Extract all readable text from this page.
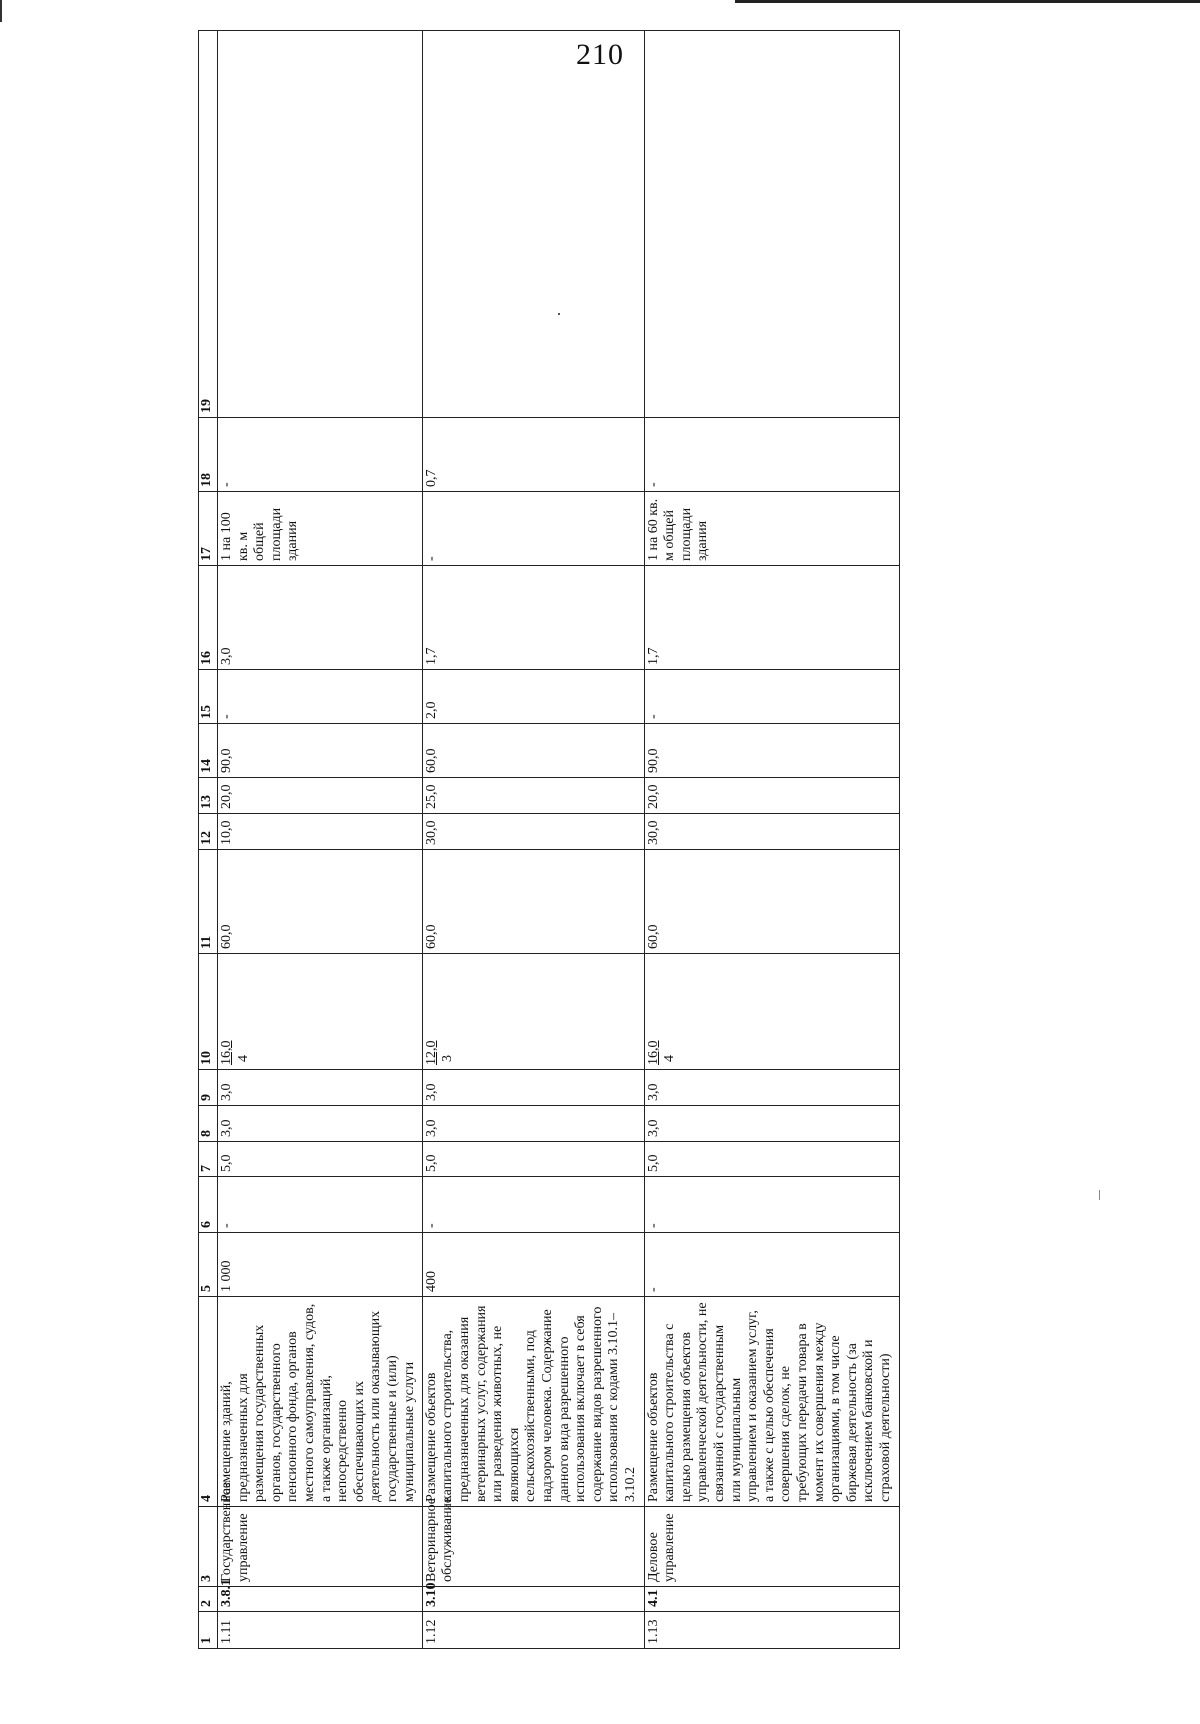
210
1	2	3	4	5	6	7	8	9	10	11	12	13	14	15	16	17	18	19
1.11	3.8.1	Государственное управление	Размещение зданий, предназначенных для размещения государственных органов, государственного пенсионного фонда, органов местного самоуправления, судов, а также организаций, непосредственно обеспечивающих их деятельность или оказывающих государственные и (или) муниципальные услуги	1 000	-	5,0	3,0	3,0	16,0 4	60,0	10,0	20,0	90,0	-	3,0	1 на 100 кв. м общей площади здания	-	
1.12	3.10	Ветеринарное обслуживание	Размещение объектов капитального строительства, предназначенных для оказания ветеринарных услуг, содержания или разведения животных, не являющихся сельскохозяйственными, под надзором человека. Содержание данного вида разрешенного использования включает в себя содержание видов разрешенного использования с кодами 3.10.1–3.10.2	400	-	5,0	3,0	3,0	12,0 3	60,0	30,0	25,0	60,0	2,0	1,7	-	0,7	
1.13	4.1	Деловое управление	Размещение объектов капитального строительства с целью размещения объектов управленческой деятельности, не связанной с государственным или муниципальным управлением и оказанием услуг, а также с целью обеспечения совершения сделок, не требующих передачи товара в момент их совершения между организациями, в том числе биржевая деятельность (за исключением банковской и страховой деятельности)	-	-	5,0	3,0	3,0	16,0 4	60,0	30,0	20,0	90,0	-	1,7	1 на 60 кв. м общей площади здания	-	
